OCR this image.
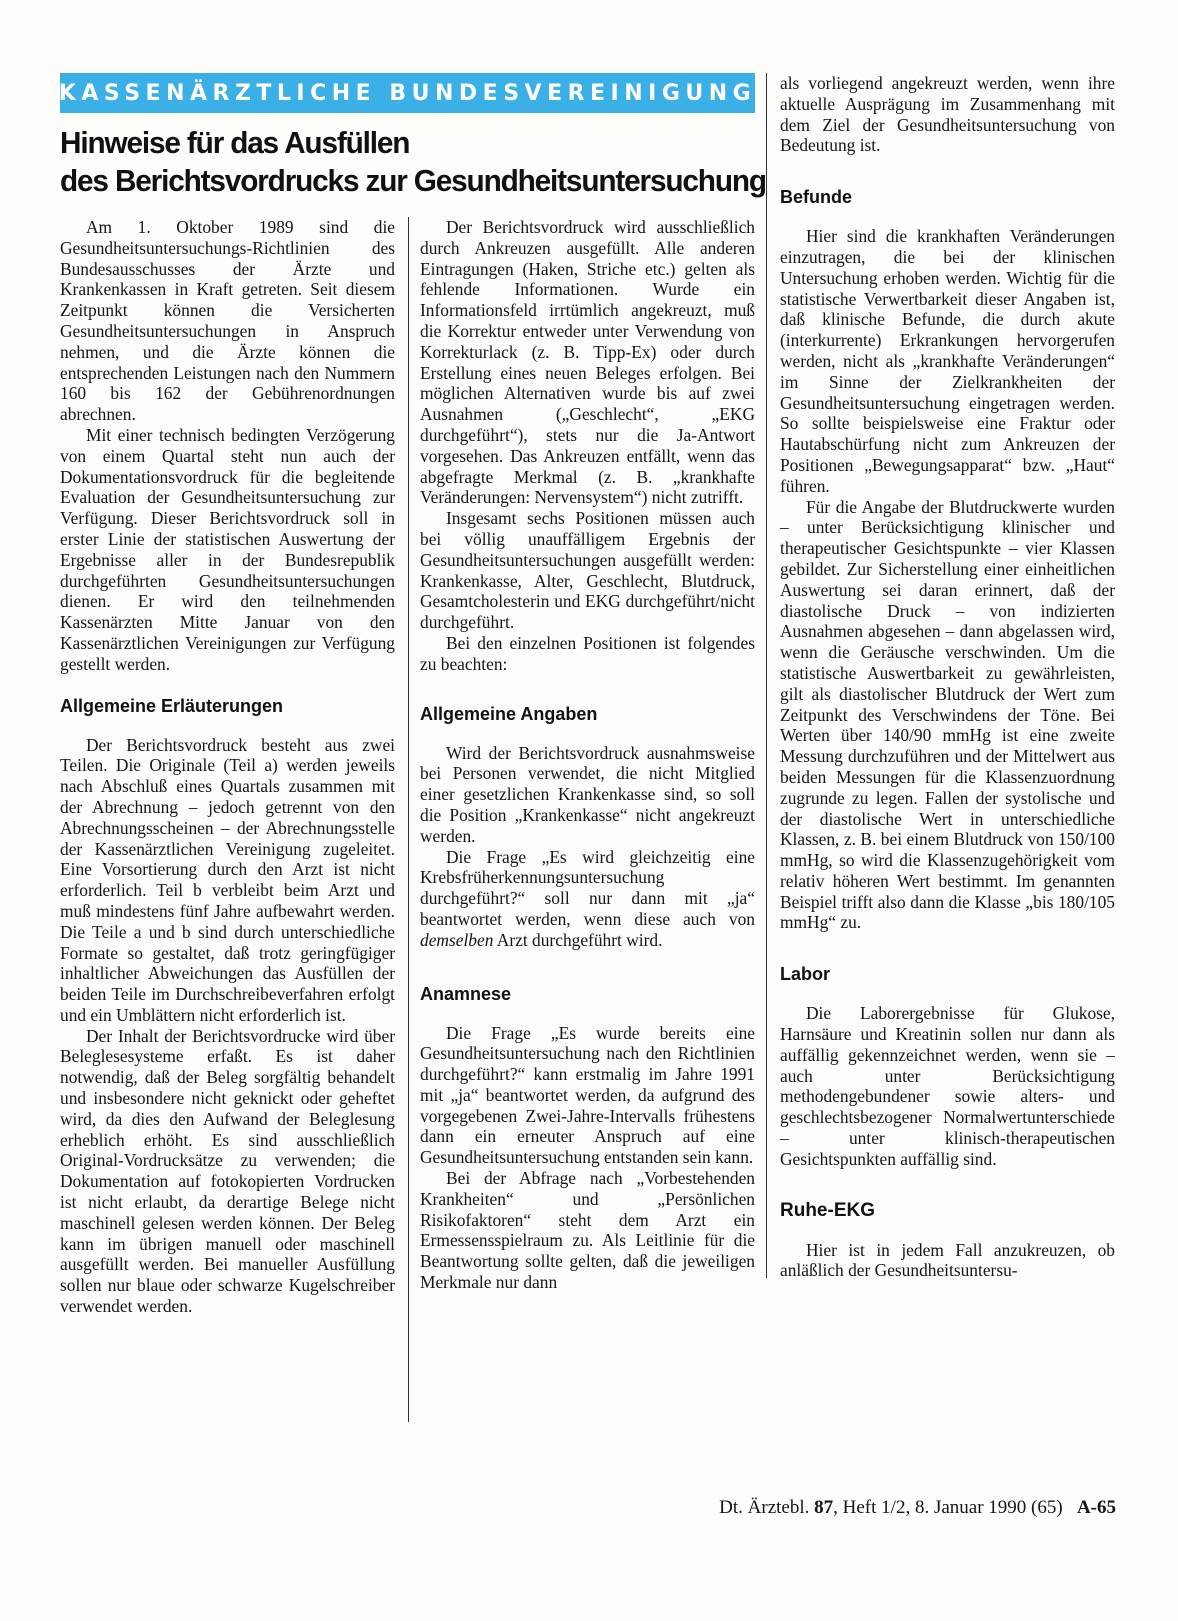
KASSENÄRZTLICHE BUNDESVEREINIGUNG
Hinweise für das Ausfüllen
des Berichtsvordrucks zur Gesundheitsuntersuchung

Am 1. Oktober 1989 sind die Gesundheitsuntersuchungs-Richtlinien des Bundesausschusses der Ärzte und Krankenkassen in Kraft getreten. Seit diesem Zeitpunkt können die Versicherten Gesundheitsuntersuchungen in Anspruch nehmen, und die Ärzte können die entsprechenden Leistungen nach den Nummern 160 bis 162 der Gebührenordnungen abrechnen.

Mit einer technisch bedingten Verzögerung von einem Quartal steht nun auch der Dokumentationsvordruck für die begleitende Evaluation der Gesundheitsuntersuchung zur Verfügung. Dieser Berichtsvordruck soll in erster Linie der statistischen Auswertung der Ergebnisse aller in der Bundesrepublik durchgeführten Gesundheitsuntersuchungen dienen. Er wird den teilnehmenden Kassenärzten Mitte Januar von den Kassenärztlichen Vereinigungen zur Verfügung gestellt werden.

Allgemeine Erläuterungen

Der Berichtsvordruck besteht aus zwei Teilen. Die Originale (Teil a) werden jeweils nach Abschluß eines Quartals zusammen mit der Abrechnung – jedoch getrennt von den Abrechnungsscheinen – der Abrechnungsstelle der Kassenärztlichen Vereinigung zugeleitet. Eine Vorsortierung durch den Arzt ist nicht erforderlich. Teil b verbleibt beim Arzt und muß mindestens fünf Jahre aufbewahrt werden. Die Teile a und b sind durch unterschiedliche Formate so gestaltet, daß trotz geringfügiger inhaltlicher Abweichungen das Ausfüllen der beiden Teile im Durchschreibeverfahren erfolgt und ein Umblättern nicht erforderlich ist.

Der Inhalt der Berichtsvordrucke wird über Beleglesesysteme erfaßt. Es ist daher notwendig, daß der Beleg sorgfältig behandelt und insbesondere nicht geknickt oder geheftet wird, da dies den Aufwand der Beleglesung erheblich erhöht. Es sind ausschließlich Original-Vordrucksätze zu verwenden; die Dokumentation auf fotokopierten Vordrucken ist nicht erlaubt, da derartige Belege nicht maschinell gelesen werden können. Der Beleg kann im übrigen manuell oder maschinell ausgefüllt werden. Bei manueller Ausfüllung sollen nur blaue oder schwarze Kugelschreiber verwendet werden.

Der Berichtsvordruck wird ausschließlich durch Ankreuzen ausgefüllt. Alle anderen Eintragungen (Haken, Striche etc.) gelten als fehlende Informationen. Wurde ein Informationsfeld irrtümlich angekreuzt, muß die Korrektur entweder unter Verwendung von Korrekturlack (z. B. Tipp-Ex) oder durch Erstellung eines neuen Beleges erfolgen. Bei möglichen Alternativen wurde bis auf zwei Ausnahmen („Geschlecht“, „EKG durchgeführt“), stets nur die Ja-Antwort vorgesehen. Das Ankreuzen entfällt, wenn das abgefragte Merkmal (z. B. „krankhafte Veränderungen: Nervensystem“) nicht zutrifft.

Insgesamt sechs Positionen müssen auch bei völlig unauffälligem Ergebnis der Gesundheitsuntersuchungen ausgefüllt werden: Krankenkasse, Alter, Geschlecht, Blutdruck, Gesamtcholesterin und EKG durchgeführt/nicht durchgeführt.

Bei den einzelnen Positionen ist folgendes zu beachten:

Allgemeine Angaben

Wird der Berichtsvordruck ausnahmsweise bei Personen verwendet, die nicht Mitglied einer gesetzlichen Krankenkasse sind, so soll die Position „Krankenkasse“ nicht angekreuzt werden.

Die Frage „Es wird gleichzeitig eine Krebsfrüherkennungsuntersuchung durchgeführt?“ soll nur dann mit „ja“ beantwortet werden, wenn diese auch von demselben Arzt durchgeführt wird.

Anamnese

Die Frage „Es wurde bereits eine Gesundheitsuntersuchung nach den Richtlinien durchgeführt?“ kann erstmalig im Jahre 1991 mit „ja“ beantwortet werden, da aufgrund des vorgegebenen Zwei-Jahre-Intervalls frühestens dann ein erneuter Anspruch auf eine Gesundheitsuntersuchung entstanden sein kann.

Bei der Abfrage nach „Vorbestehenden Krankheiten“ und „Persönlichen Risikofaktoren“ steht dem Arzt ein Ermessensspielraum zu. Als Leitlinie für die Beantwortung sollte gelten, daß die jeweiligen Merkmale nur dann

als vorliegend angekreuzt werden, wenn ihre aktuelle Ausprägung im Zusammenhang mit dem Ziel der Gesundheitsuntersuchung von Bedeutung ist.

Befunde

Hier sind die krankhaften Veränderungen einzutragen, die bei der klinischen Untersuchung erhoben werden. Wichtig für die statistische Verwertbarkeit dieser Angaben ist, daß klinische Befunde, die durch akute (interkurrente) Erkrankungen hervorgerufen werden, nicht als „krankhafte Veränderungen“ im Sinne der Zielkrankheiten der Gesundheitsuntersuchung eingetragen werden. So sollte beispielsweise eine Fraktur oder Hautabschürfung nicht zum Ankreuzen der Positionen „Bewegungsapparat“ bzw. „Haut“ führen.

Für die Angabe der Blutdruckwerte wurden – unter Berücksichtigung klinischer und therapeutischer Gesichtspunkte – vier Klassen gebildet. Zur Sicherstellung einer einheitlichen Auswertung sei daran erinnert, daß der diastolische Druck – von indizierten Ausnahmen abgesehen – dann abgelassen wird, wenn die Geräusche verschwinden. Um die statistische Auswertbarkeit zu gewährleisten, gilt als diastolischer Blutdruck der Wert zum Zeitpunkt des Verschwindens der Töne. Bei Werten über 140/90 mmHg ist eine zweite Messung durchzuführen und der Mittelwert aus beiden Messungen für die Klassenzuordnung zugrunde zu legen. Fallen der systolische und der diastolische Wert in unterschiedliche Klassen, z. B. bei einem Blutdruck von 150/100 mmHg, so wird die Klassenzugehörigkeit vom relativ höheren Wert bestimmt. Im genannten Beispiel trifft also dann die Klasse „bis 180/105 mmHg“ zu.

Labor

Die Laborergebnisse für Glukose, Harnsäure und Kreatinin sollen nur dann als auffällig gekennzeichnet werden, wenn sie – auch unter Berücksichtigung methodengebundener sowie alters- und geschlechtsbezogener Normalwertunterschiede – unter klinisch-therapeutischen Gesichtspunkten auffällig sind.

Ruhe-EKG

Hier ist in jedem Fall anzukreuzen, ob anläßlich der Gesundheitsuntersu-

Dt. Ärztebl. 87, Heft 1/2, 8. Januar 1990 (65) A-65
